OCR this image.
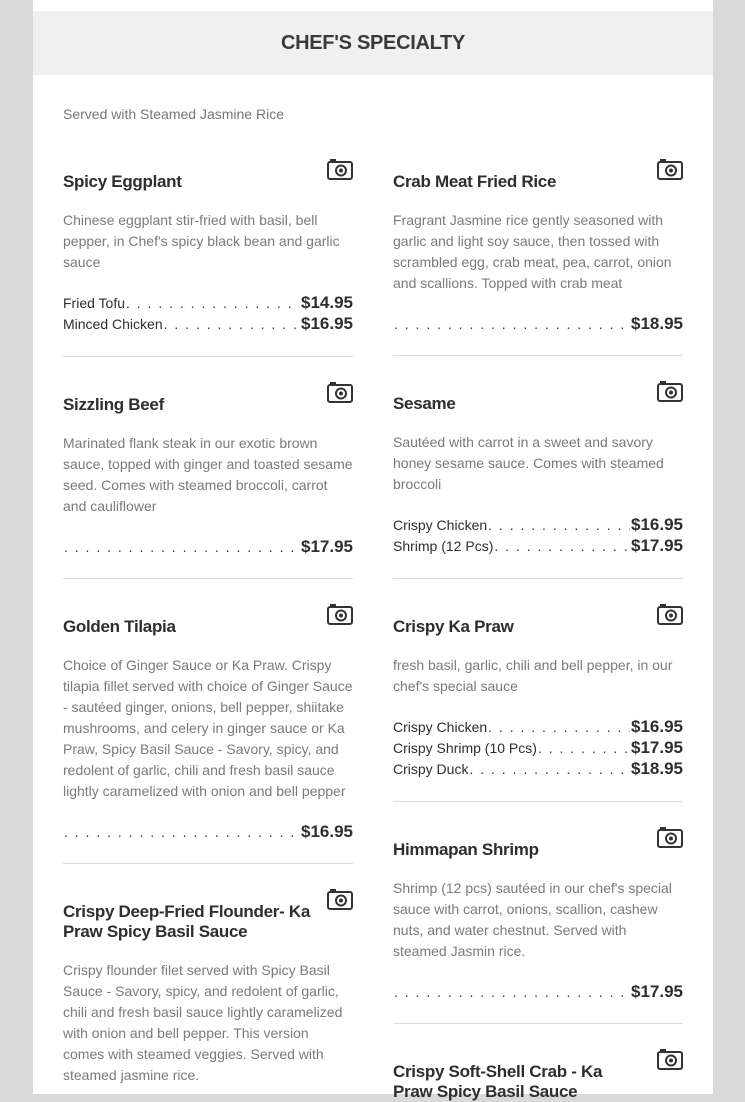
CHEF'S SPECIALTY
Served with Steamed Jasmine Rice
Spicy Eggplant
Chinese eggplant stir-fried with basil, bell pepper, in Chef's spicy black bean and garlic sauce
Fried Tofu . . .	$14.95
Minced Chicken . . .	$16.95
Crab Meat Fried Rice
Fragrant Jasmine rice gently seasoned with garlic and light soy sauce, then tossed with scrambled egg, crab meat, pea, carrot, onion and scallions. Topped with crab meat
. . .
$18.95
Sizzling Beef
Marinated flank steak in our exotic brown sauce, topped with ginger and toasted sesame seed. Comes with steamed broccoli, carrot and cauliflower
. . .
$17.95
Sesame
Sautéed with carrot in a sweet and savory honey sesame sauce. Comes with steamed broccoli
Crispy Chicken . . .	$16.95
Shrimp (12 Pcs) . . .	$17.95
Golden Tilapia
Choice of Ginger Sauce or Ka Praw. Crispy tilapia fillet served with choice of Ginger Sauce - sautéed ginger, onions, bell pepper, shiitake mushrooms, and celery in ginger sauce or Ka Praw, Spicy Basil Sauce - Savory, spicy, and redolent of garlic, chili and fresh basil sauce lightly caramelized with onion and bell pepper
. . .
$16.95
Crispy Ka Praw
fresh basil, garlic, chili and bell pepper, in our chef's special sauce
Crispy Chicken . . .	$16.95
Crispy Shrimp (10 Pcs) . . .	$17.95
Crispy Duck . . .	$18.95
Crispy Deep-Fried Flounder- Ka Praw Spicy Basil Sauce
Crispy flounder filet served with Spicy Basil Sauce - Savory, spicy, and redolent of garlic, chili and fresh basil sauce lightly caramelized with onion and bell pepper. This version comes with steamed veggies. Served with steamed jasmine rice.
Himmapan Shrimp
Shrimp (12 pcs) sautéed in our chef's special sauce with carrot, onions, scallion, cashew nuts, and water chestnut. Served with steamed Jasmin rice.
. . .
$17.95
Crispy Soft-Shell Crab - Ka Praw Spicy Basil Sauce
